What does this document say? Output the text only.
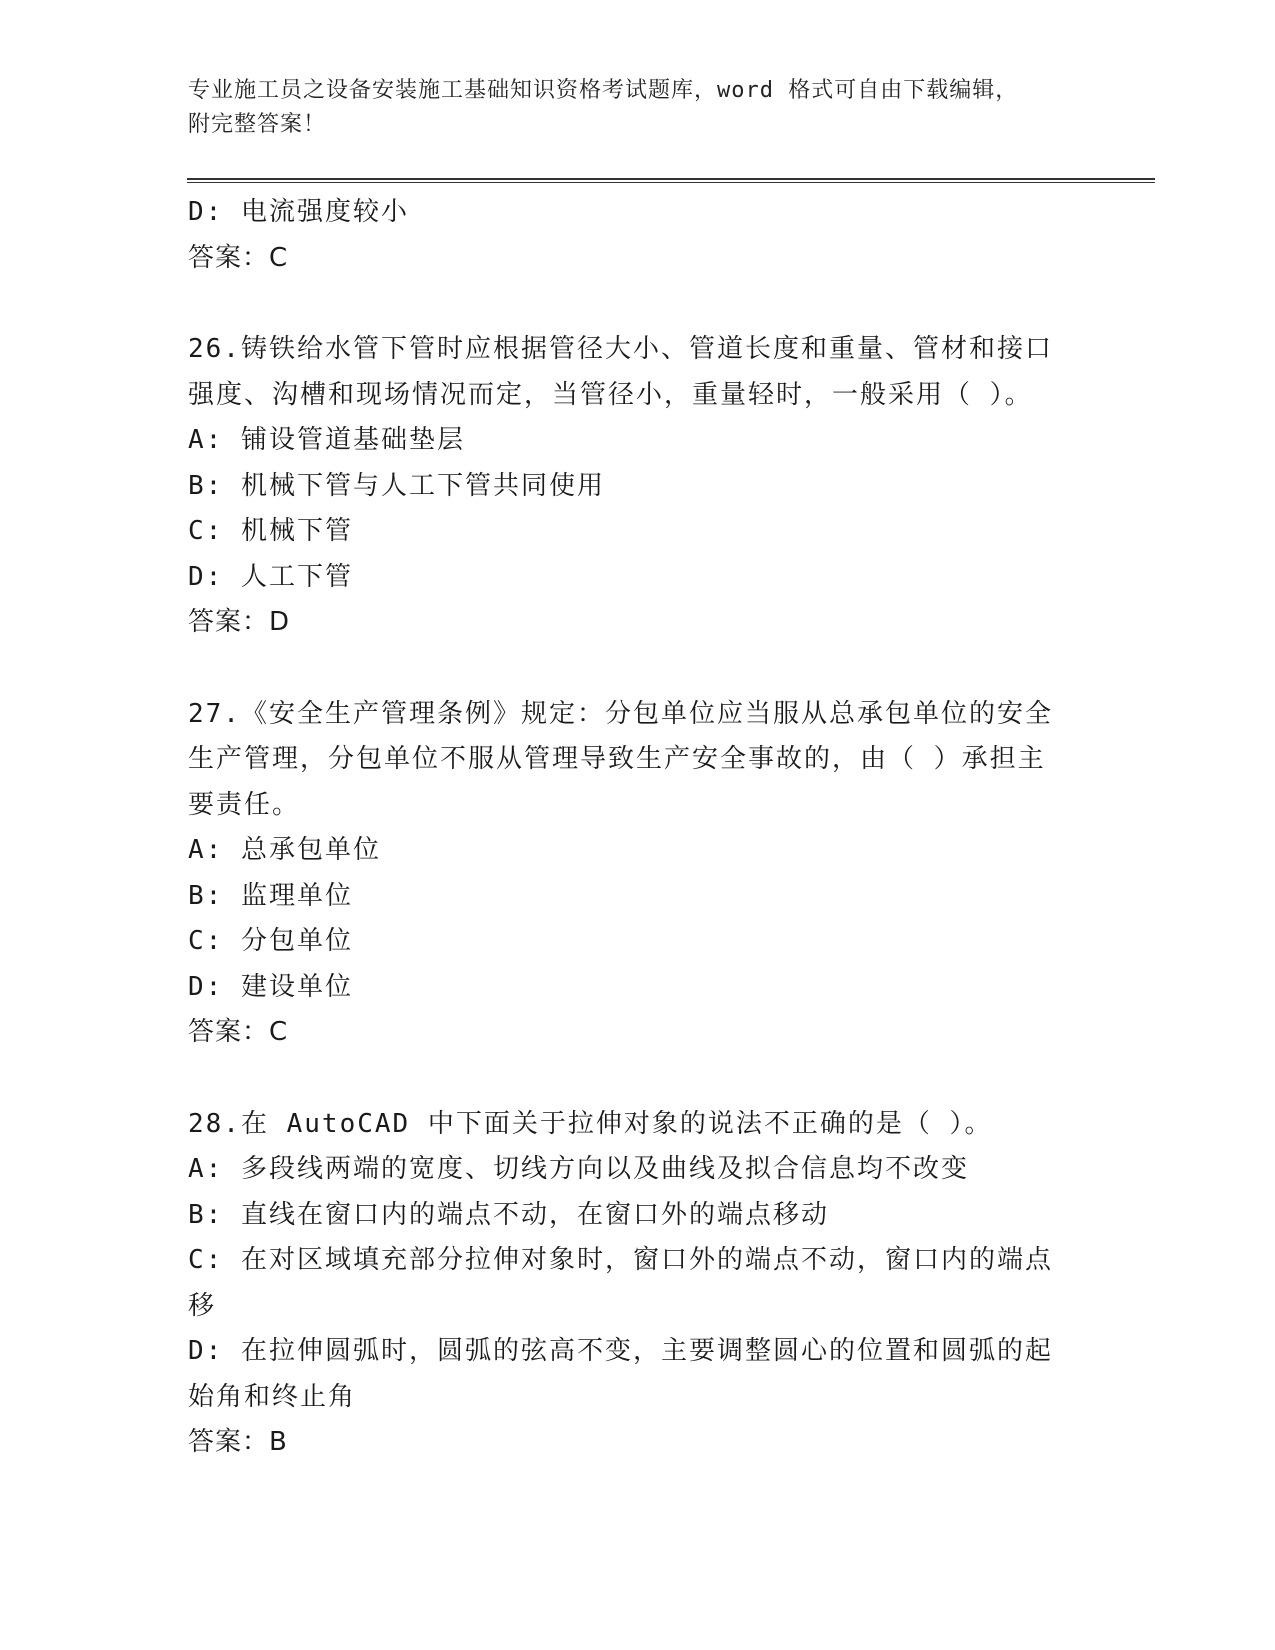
专业施工员之设备安装施工基础知识资格考试题库，word 格式可自由下载编辑，
附完整答案！

D: 电流强度较小

答案：C

26.铸铁给水管下管时应根据管径大小、管道长度和重量、管材和接口

强度、沟槽和现场情况而定，当管径小，重量轻时，一般采用（ ）。

A: 铺设管道基础垫层

B: 机械下管与人工下管共同使用

C: 机械下管

D: 人工下管

答案：D

27.《安全生产管理条例》规定：分包单位应当服从总承包单位的安全

生产管理，分包单位不服从管理导致生产安全事故的，由（ ）承担主

要责任。

A: 总承包单位

B: 监理单位

C: 分包单位

D: 建设单位

答案：C

28.在 AutoCAD 中下面关于拉伸对象的说法不正确的是（ ）。

A: 多段线两端的宽度、切线方向以及曲线及拟合信息均不改变

B: 直线在窗口内的端点不动，在窗口外的端点移动

C: 在对区域填充部分拉伸对象时，窗口外的端点不动，窗口内的端点

移

D: 在拉伸圆弧时，圆弧的弦高不变，主要调整圆心的位置和圆弧的起

始角和终止角

答案：B
